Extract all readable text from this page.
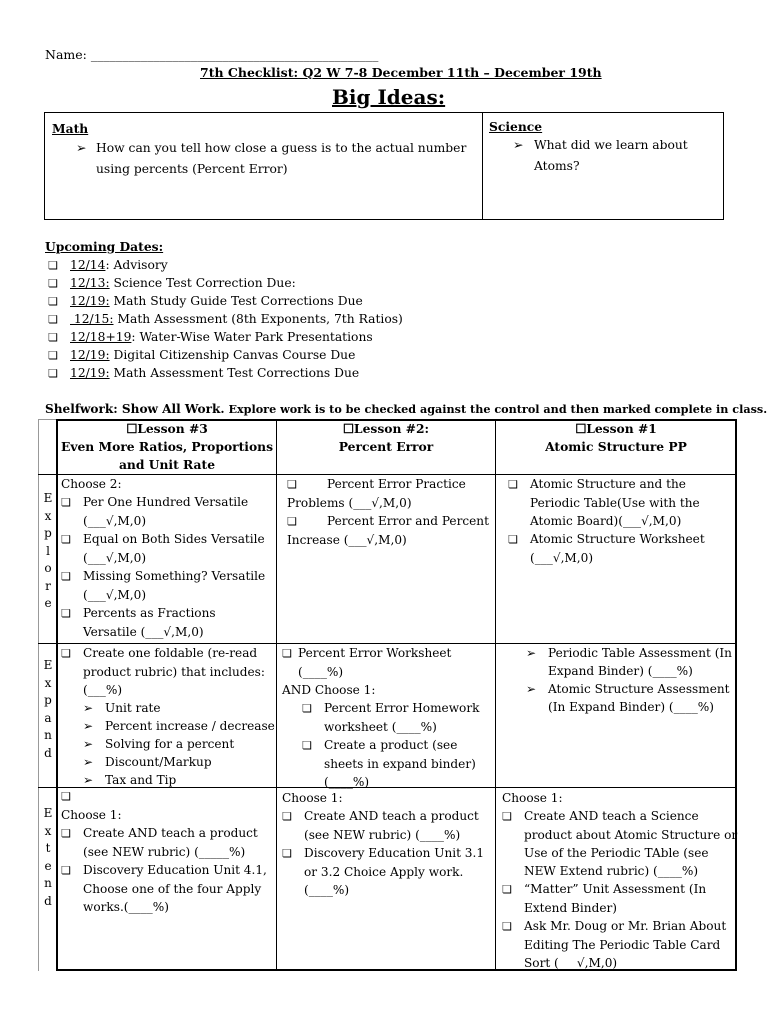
Name: ______________________________________________
7th Checklist: Q2 W 7-8 December 11th – December 19th
Big Ideas:
Math
➢ How can you tell how close a guess is to the actual number
using percents (Percent Error)
Science
➢ What did we learn about
Atoms?
Upcoming Dates:
❏ 12/14: Advisory
❏ 12/13: Science Test Correction Due:
❏ 12/19: Math Study Guide Test Corrections Due
❏ 12/15: Math Assessment (8th Exponents, 7th Ratios)
❏ 12/18+19: Water-Wise Water Park Presentations
❏ 12/19: Digital Citizenship Canvas Course Due
❏ 12/19: Math Assessment Test Corrections Due
Shelfwork: Show All Work. Explore work is to be checked against the control and then marked complete in class.
☐Lesson #3
Even More Ratios, Proportions
and Unit Rate
☐Lesson #2:
Percent Error
☐Lesson #1
Atomic Structure PP
E
x
p
l
o
r
e
E
x
p
a
n
d
E
x
t
e
n
d
Choose 2:
❏ Per One Hundred Versatile
(___√,M,0)
❏ Equal on Both Sides Versatile
(___√,M,0)
❏ Missing Something? Versatile
(___√,M,0)
❏ Percents as Fractions
Versatile (___√,M,0)
❏ Percent Error Practice
Problems (___√,M,0)
❏ Percent Error and Percent
Increase (___√,M,0)
❏ Atomic Structure and the
Periodic Table(Use with the
Atomic Board)(___√,M,0)
❏ Atomic Structure Worksheet
(___√,M,0)
❏ Create one foldable (re-read
product rubric) that includes:
(___%)
➢ Unit rate
➢ Percent increase / decrease
➢ Solving for a percent
➢ Discount/Markup
➢ Tax and Tip
❏ Percent Error Worksheet
(____%)
AND Choose 1:
❏ Percent Error Homework
worksheet (____%)
❏ Create a product (see
sheets in expand binder)
(____%)
➢ Periodic Table Assessment (In
Expand Binder) (____%)
➢ Atomic Structure Assessment
(In Expand Binder) (____%)
❏
Choose 1:
❏ Create AND teach a product
(see NEW rubric) (_____%)
❏ Discovery Education Unit 4.1,
Choose one of the four Apply
works.(____%)
Choose 1:
❏ Create AND teach a product
(see NEW rubric) (____%)
❏ Discovery Education Unit 3.1
or 3.2 Choice Apply work.
(____%)
Choose 1:
❏ Create AND teach a Science
product about Atomic Structure or
Use of the Periodic TAble (see
NEW Extend rubric) (____%)
❏ “Matter” Unit Assessment (In
Extend Binder)
❏ Ask Mr. Doug or Mr. Brian About
Editing The Periodic Table Card
Sort (___√,M,0)
